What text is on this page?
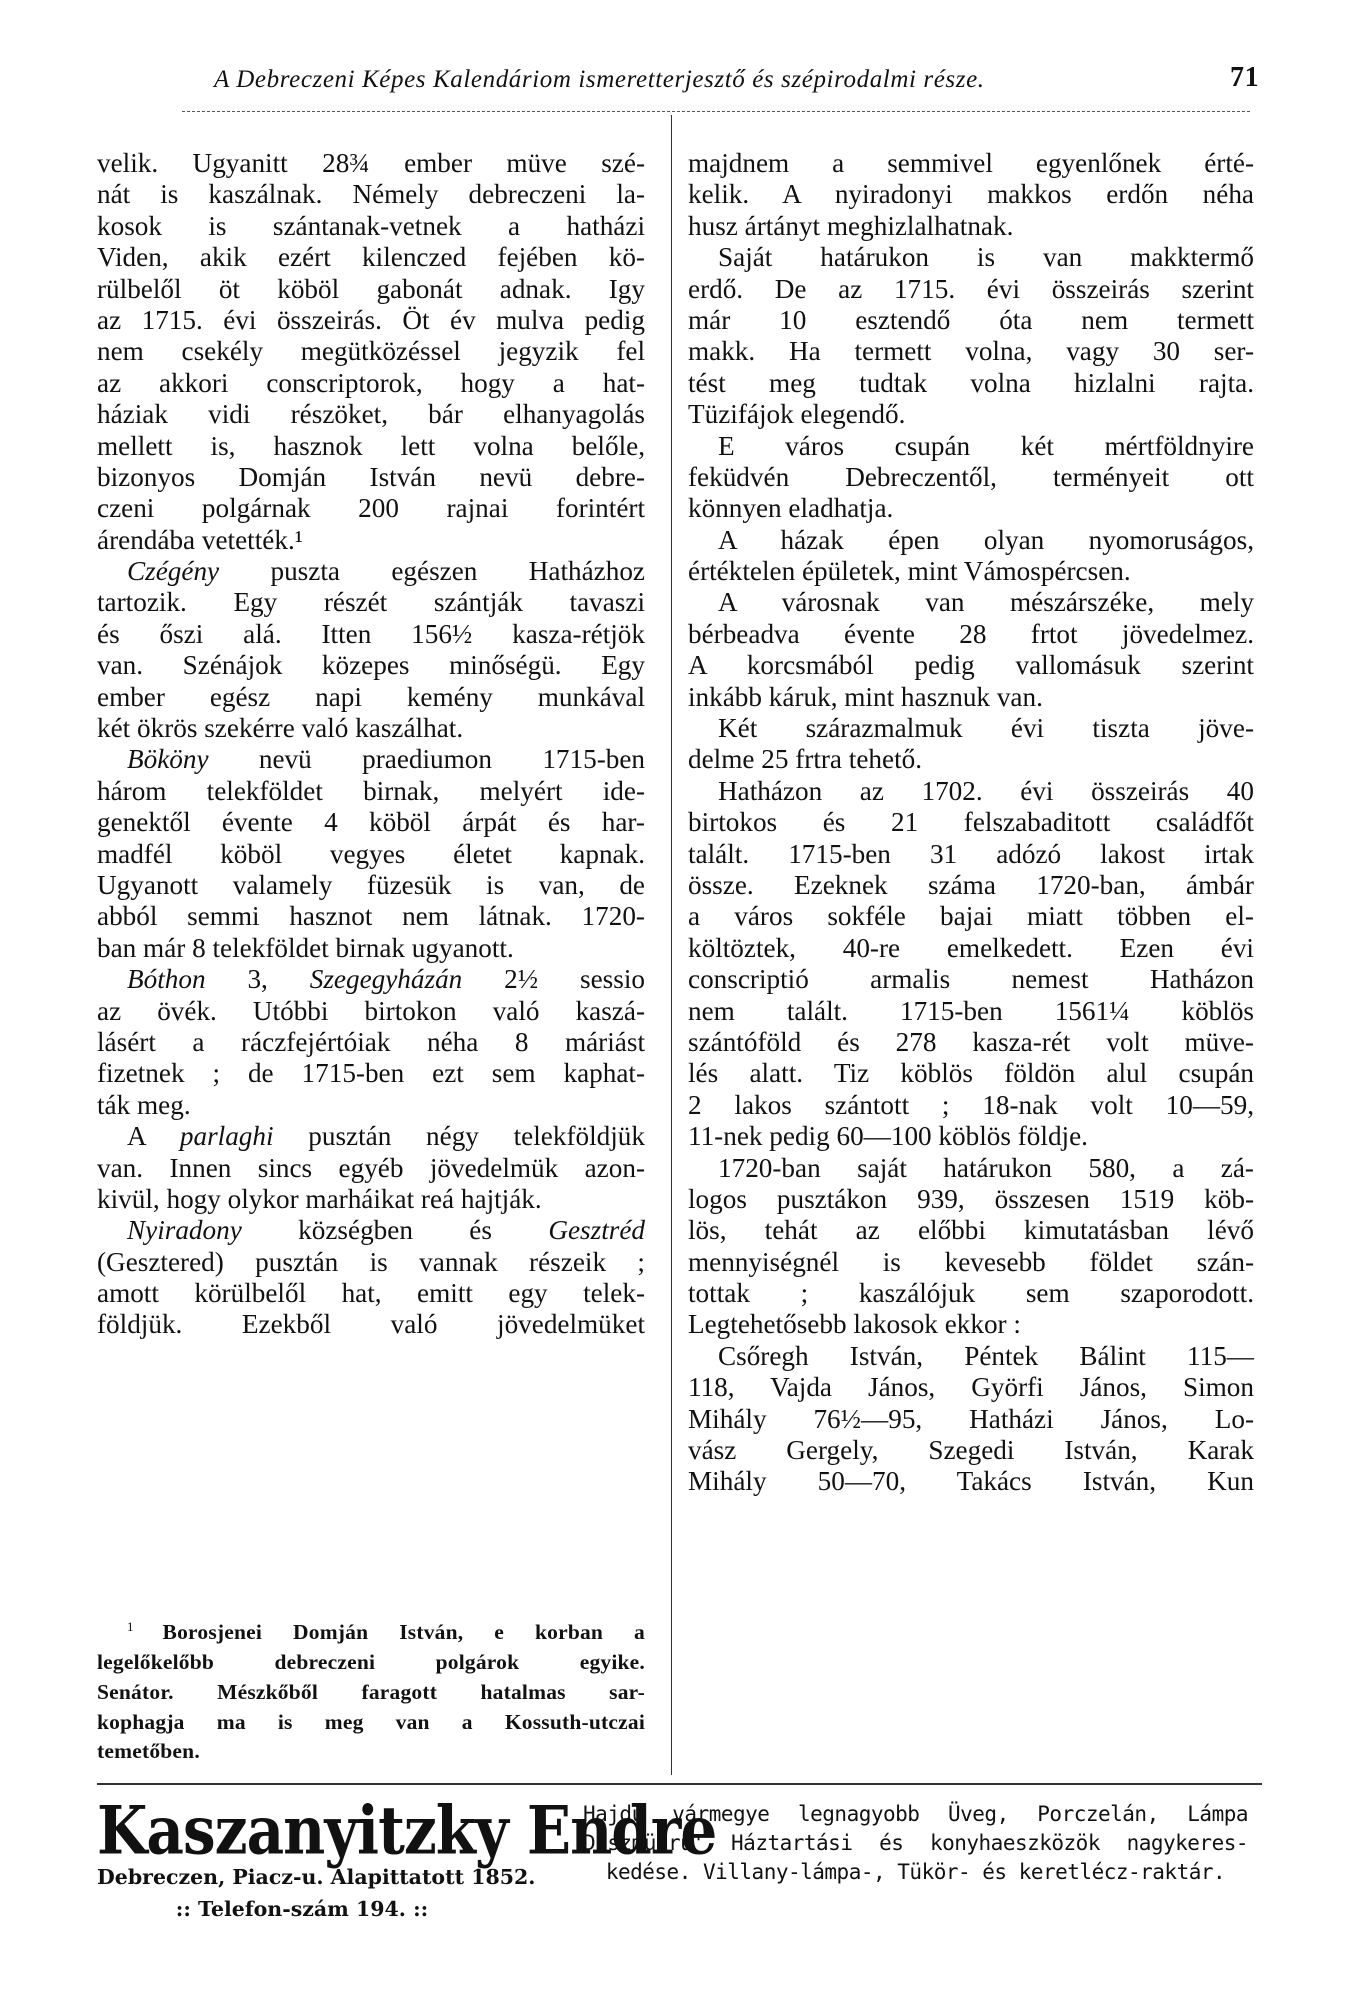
A Debreczeni Képes Kalendáriom ismeretterjesztő és szépirodalmi része.	71
velik. Ugyanitt 28¾ ember müve szé-
nát is kaszálnak. Némely debreczeni la-
kosok is szántanak-vetnek a hatházi
Viden, akik ezért kilenczed fejében kö-
rülbelől öt köböl gabonát adnak. Igy
az 1715. évi összeirás. Öt év mulva pedig
nem csekély megütközéssel jegyzik fel
az akkori conscriptorok, hogy a hat-
háziak vidi részöket, bár elhanyagolás
mellett is, hasznok lett volna belőle,
bizonyos Domján István nevü debre-
czeni polgárnak 200 rajnai forintért
árendába vetették.¹
Czégény puszta egészen Hatházhoz
tartozik. Egy részét szántják tavaszi
és őszi alá. Itten 156½ kasza-rétjök
van. Szénájok közepes minőségü. Egy
ember egész napi kemény munkával
két ökrös szekérre való kaszálhat.
Bököny nevü praediumon 1715-ben
három telekföldet birnak, melyért ide-
genektől évente 4 köböl árpát és har-
madfél köböl vegyes életet kapnak.
Ugyanott valamely füzesük is van, de
abból semmi hasznot nem látnak. 1720-
ban már 8 telekföldet birnak ugyanott.
Bóthon 3, Szegegyházán 2½ sessio
az övék. Utóbbi birtokon való kaszá-
lásért a ráczfejértóiak néha 8 máriást
fizetnek ; de 1715-ben ezt sem kaphat-
ták meg.
A parlaghi pusztán négy telekföldjük
van. Innen sincs egyéb jövedelmük azon-
kivül, hogy olykor marháikat reá hajtják.
Nyiradony községben és Gesztréd
(Gesztered) pusztán is vannak részeik ;
amott körülbelől hat, emitt egy telek-
földjük. Ezekből való jövedelmüket
majdnem a semmivel egyenlőnek érté-
kelik. A nyiradonyi makkos erdőn néha
husz ártányt meghizlalhatnak.
Saját határukon is van makktermő
erdő. De az 1715. évi összeirás szerint
már 10 esztendő óta nem termett
makk. Ha termett volna, vagy 30 ser-
tést meg tudtak volna hizlalni rajta.
Tüzifájok elegendő.
E város csupán két mértföldnyire
feküdvén Debreczentől, terményeit ott
könnyen eladhatja.
A házak épen olyan nyomoruságos,
értéktelen épületek, mint Vámospércsen.
A városnak van mészárszéke, mely
bérbeadva évente 28 frtot jövedelmez.
A korcsmából pedig vallomásuk szerint
inkább káruk, mint hasznuk van.
Két szárazmalmuk évi tiszta jöve-
delme 25 frtra tehető.
Hatházon az 1702. évi összeirás 40
birtokos és 21 felszabaditott családfőt
talált. 1715-ben 31 adózó lakost irtak
össze. Ezeknek száma 1720-ban, ámbár
a város sokféle bajai miatt többen el-
költöztek, 40-re emelkedett. Ezen évi
conscriptió armalis nemest Hatházon
nem talált. 1715-ben 1561¼ köblös
szántóföld és 278 kasza-rét volt müve-
lés alatt. Tiz köblös földön alul csupán
2 lakos szántott ; 18-nak volt 10—59,
11-nek pedig 60—100 köblös földje.
1720-ban saját határukon 580, a zá-
logos pusztákon 939, összesen 1519 köb-
lös, tehát az előbbi kimutatásban lévő
mennyiségnél is kevesebb földet szán-
tottak ; kaszálójuk sem szaporodott.
Legtehetősebb lakosok ekkor :
Csőregh István, Péntek Bálint 115—
118, Vajda János, Györfi János, Simon
Mihály 76½—95, Hatházi János, Lo-
vász Gergely, Szegedi István, Karak
Mihály 50—70, Takács István, Kun
$^1$ Borosjenei Domján István, e korban a
legelőkelőbb debreczeni polgárok egyike.
Senátor. Mészkőből faragott hatalmas sar-
kophagja ma is meg van a Kossuth-utczai
temetőben.
Kaszanyitzky Endre
Debreczen, Piacz-u. Alapittatott 1852.
:: Telefon-szám 194. ::
Hajdu vármegye legnagyobb Üveg, Porczelán, Lámpa
Diszmüárú' Háztartási és konyhaeszközök nagykeres-
kedése. Villany-lámpa-, Tükör- és keretlécz-raktár.
